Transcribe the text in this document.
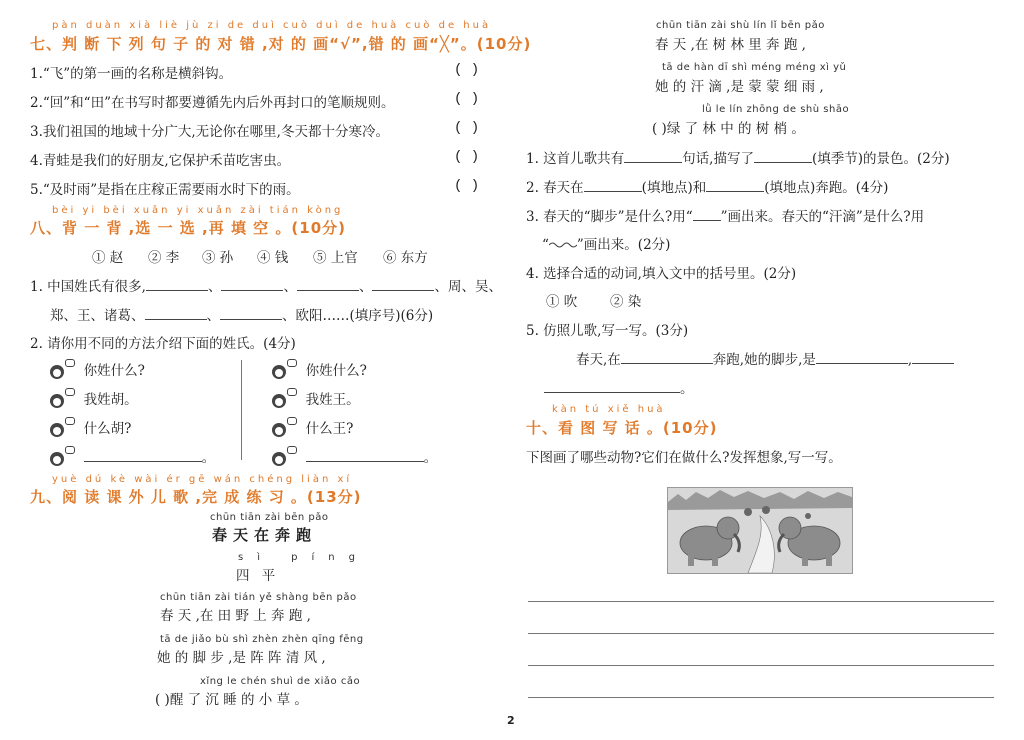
pàn duàn xià liè jù zi de duì cuò duì de huà cuò de huà
七、判 断 下 列 句 子 的 对 错 ,对 的 画“√”,错 的 画“╳”。(10分)
1.“飞”的第一画的名称是横斜钩。	( )
2.“回”和“田”在书写时都要遵循先内后外再封口的笔顺规则。	( )
3.我们祖国的地域十分广大,无论你在哪里,冬天都十分寒冷。	( )
4.青蛙是我们的好朋友,它保护禾苗吃害虫。	( )
5.“及时雨”是指在庄稼正需要雨水时下的雨。	( )
bèi yi bèi xuǎn yi xuǎn zài tián kòng
八、背 一 背 ,选 一 选 ,再 填 空 。(10分)
① 赵 ② 李 ③ 孙 ④ 钱 ⑤ 上官 ⑥ 东方
1. 中国姓氏有很多,	、	、	、	、周、吴、
郑、王、诸葛、	、	、欧阳……(填序号)(6分)
2. 请你用不同的方法介绍下面的姓氏。(4分)
你姓什么?
我姓胡。
什么胡?
。
你姓什么?
我姓王。
什么王?
。
yuè dú kè wài ér gē wán chéng liàn xí
九、阅 读 课 外 儿 歌 ,完 成 练 习 。(13分)
chūn tiān zài bēn pǎo
春天在奔跑
sì píng
四 平
chūn tiān zài tián yě shàng bēn pǎo
春 天 ,在 田 野 上 奔 跑 ,
tā de jiǎo bù shì zhèn zhèn qīng fēng
她 的 脚 步 ,是 阵 阵 清 风 ,
xǐng le chén shuì de xiǎo cǎo
( )醒 了 沉 睡 的 小 草 。
chūn tiān zài shù lín lǐ bēn pǎo
春 天 ,在 树 林 里 奔 跑 ,
tā de hàn dī shì méng méng xì yǔ
她 的 汗 滴 ,是 蒙 蒙 细 雨 ,
lǜ le lín zhōng de shù shāo
( )绿 了 林 中 的 树 梢 。
1. 这首儿歌共有	句话,描写了	(填季节)的景色。(2分)
2. 春天在	(填地点)和	(填地点)奔跑。(4分)
3. 春天的“脚步”是什么?用“ ”画出来。春天的“汗滴”是什么?用
“ ”画出来。(2分)
4. 选择合适的动词,填入文中的括号里。(2分)
① 吹 ② 染
5. 仿照儿歌,写一写。(3分)
春天,在	奔跑,她的脚步,是	,
。
kàn tú xiě huà
十、看 图 写 话 。(10分)
下图画了哪些动物?它们在做什么?发挥想象,写一写。
2
